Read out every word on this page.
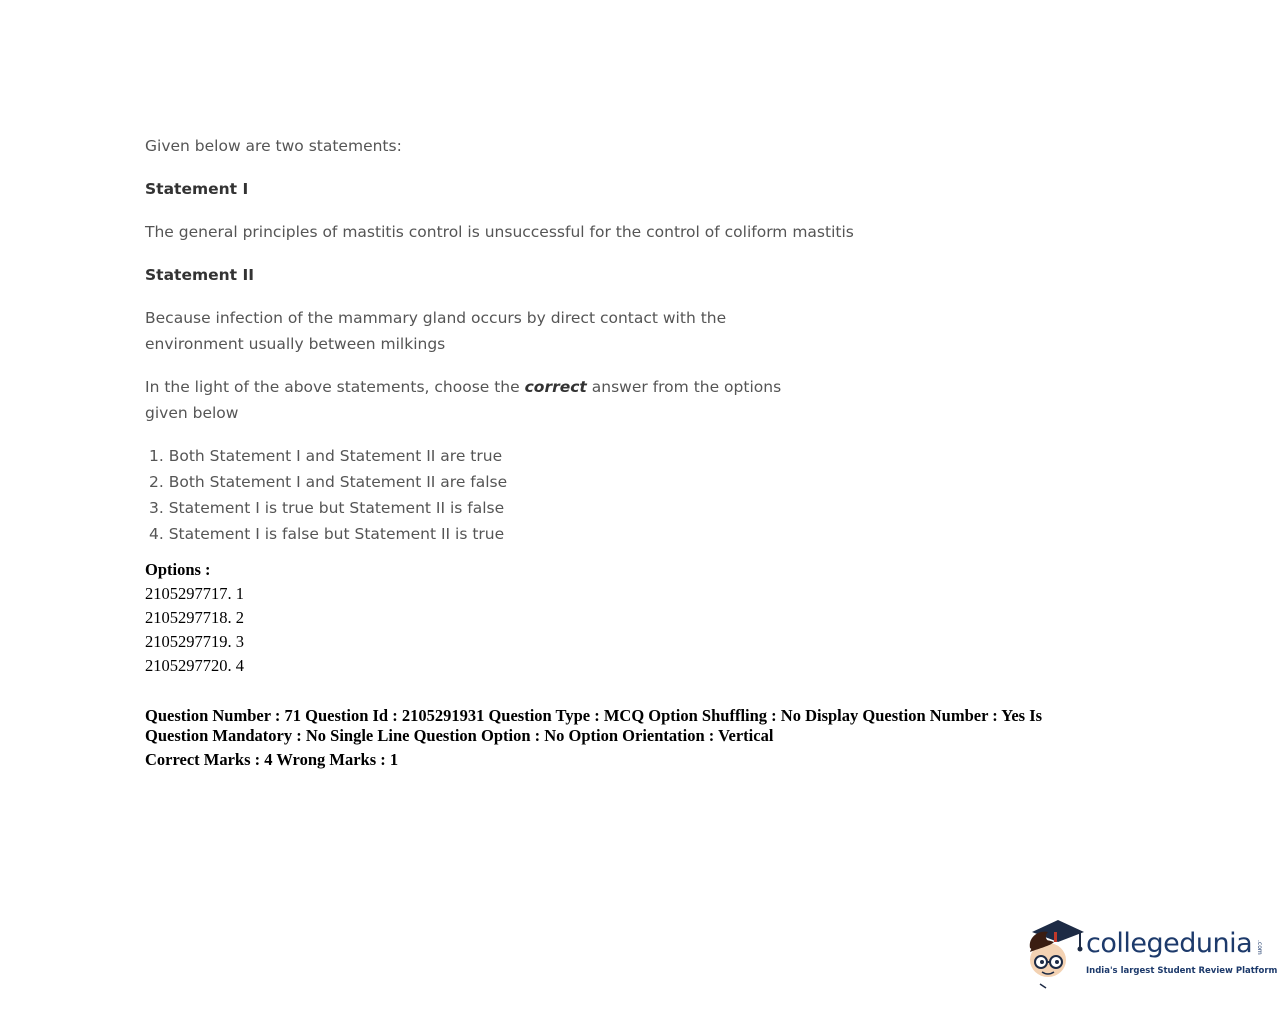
Given below are two statements:

Statement I

The general principles of mastitis control is unsuccessful for the control of coliform mastitis

Statement II

Because infection of the mammary gland occurs by direct contact with the environment usually between milkings

In the light of the above statements, choose the correct answer from the options given below

1. Both Statement I and Statement II are true
2. Both Statement I and Statement II are false
3. Statement I is true but Statement II is false
4. Statement I is false but Statement II is true
Options :
2105297717. 1
2105297718. 2
2105297719. 3
2105297720. 4
Question Number : 71 Question Id : 2105291931 Question Type : MCQ Option Shuffling : No Display Question Number : Yes Is Question Mandatory : No Single Line Question Option : No Option Orientation : Vertical
Correct Marks : 4 Wrong Marks : 1
collegedunia .com
India's largest Student Review Platform
